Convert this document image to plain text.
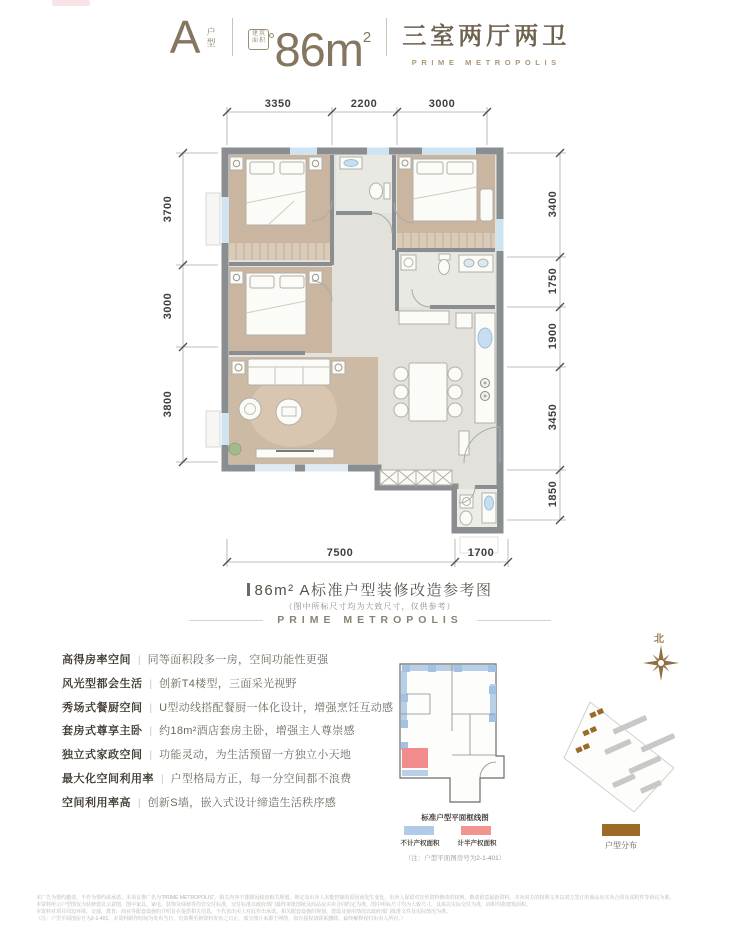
A 户型	建筑面积 $86m^2$ 三室两厅两卫
PRIME METROPOLIS
3350	2200	3000
3700
3000
3800
3400
1750
1900
3450
1850
7500	1700
86m² A标准户型装修改造参考图
（图中所标尺寸均为大致尺寸，仅供参考）
PRIME METROPOLIS
高得房率空间 | 同等面积段多一房，空间功能性更强
风光型都会生活 | 创新T4楼型，三面采光视野
秀场式餐厨空间 | U型动线搭配餐厨一体化设计，增强烹饪互动感
套房式尊享主卧 | 约18m²酒店套房主卧，增强主人尊崇感
独立式家政空间 | 功能灵动，为生活预留一方独立小天地
最大化空间利用率 | 户型格局方正，每一分空间都不浪费
空间利用率高 | 创新S墙，嵌入式设计缔造生活秩序感
标准户型平面框线图
不计产权面积	计半产权面积
（注：户型平面图房号为2-1-401）
北
户型分布
本广告为要约邀请，不作为要约或承诺。本项目推广名为“PRIME METROPOLIS”，相关内容不排除因政府相关规划、规定及出卖人未能控制的原因而发生变化，出卖人保留对宣传资料修改的权利，敬请留意最新资料。买卖双方的权利义务以双方签订的商品房买卖合同及其附件等协议为准。
本资料所示户型图仅为装修建议示意图，图中家具、家电、装饰及绿植等均非交付标准，交付标准以政府部门最终审批图纸及商品房买卖合同约定为准。图中所标尺寸均为大致尺寸，具体以实际交付为准，面积均指建筑面积。
本资料对项目周边环境、交通、教育、商业等配套设施的介绍旨在提供相关信息，不代表出卖人对此作出承诺。相关配套设施的规划、建设及使用情况以政府部门批准文件及实际情况为准。
（注：户型平面图房号为2-1-401。本资料制作时间为发布当日，有效期至新资料发布之日止，部分图片来源于网络，如有侵权请联系删除。最终解释权归出卖人所有。）
